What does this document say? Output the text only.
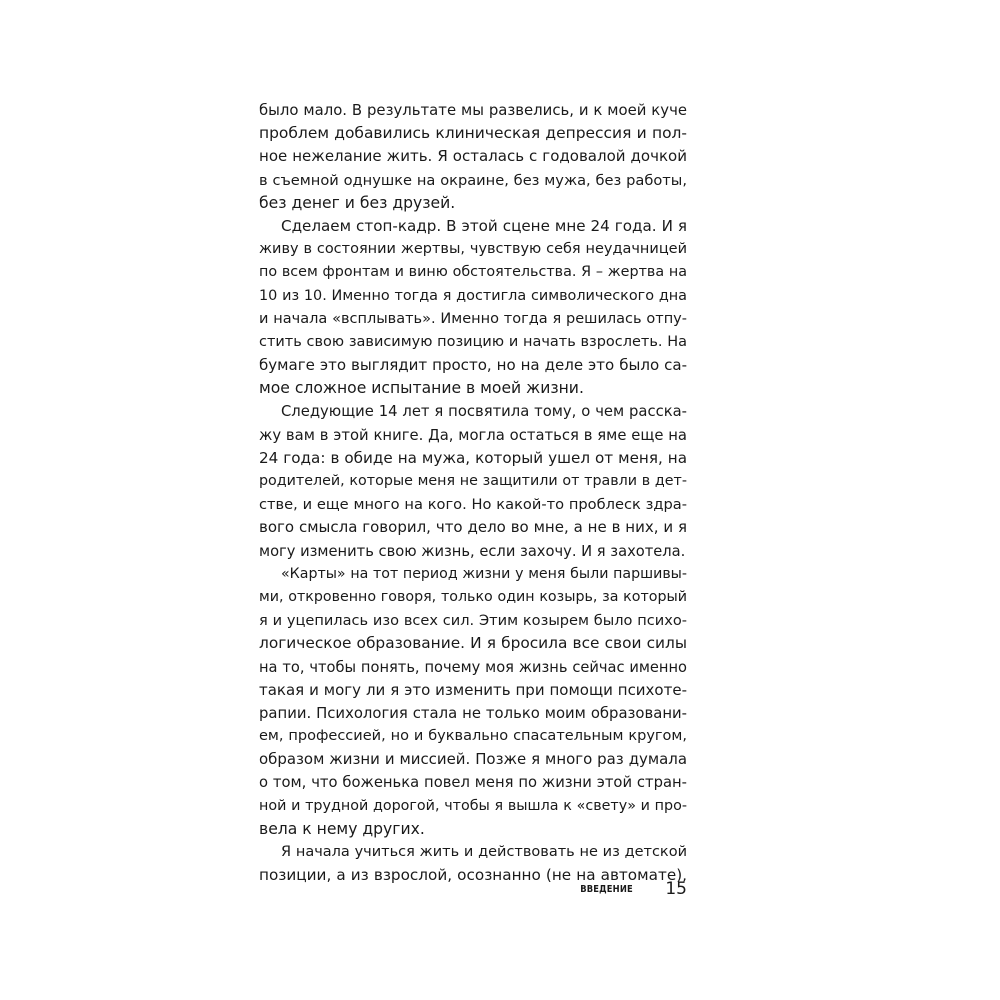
было мало. В результате мы развелись, и к моей куче
проблем добавились клиническая депрессия и пол-
ное нежелание жить. Я осталась с годовалой дочкой
в съемной однушке на окраине, без мужа, без работы,
без денег и без друзей.
Сделаем стоп-кадр. В этой сцене мне 24 года. И я
живу в состоянии жертвы, чувствую себя неудачницей
по всем фронтам и виню обстоятельства. Я – жертва на
10 из 10. Именно тогда я достигла символического дна
и начала «всплывать». Именно тогда я решилась отпу-
стить свою зависимую позицию и начать взрослеть. На
бумаге это выглядит просто, но на деле это было са-
мое сложное испытание в моей жизни.
Следующие 14 лет я посвятила тому, о чем расска-
жу вам в этой книге. Да, могла остаться в яме еще на
24 года: в обиде на мужа, который ушел от меня, на
родителей, которые меня не защитили от травли в дет-
стве, и еще много на кого. Но какой-то проблеск здра-
вого смысла говорил, что дело во мне, а не в них, и я
могу изменить свою жизнь, если захочу. И я захотела.
«Карты» на тот период жизни у меня были паршивы-
ми, откровенно говоря, только один козырь, за который
я и уцепилась изо всех сил. Этим козырем было психо-
логическое образование. И я бросила все свои силы
на то, чтобы понять, почему моя жизнь сейчас именно
такая и могу ли я это изменить при помощи психоте-
рапии. Психология стала не только моим образовани-
ем, профессией, но и буквально спасательным кругом,
образом жизни и миссией. Позже я много раз думала
о том, что боженька повел меня по жизни этой стран-
ной и трудной дорогой, чтобы я вышла к «свету» и про-
вела к нему других.
Я начала учиться жить и действовать не из детской
позиции, а из взрослой, осознанно (не на автомате),
ВВЕДЕНИЕ 15
